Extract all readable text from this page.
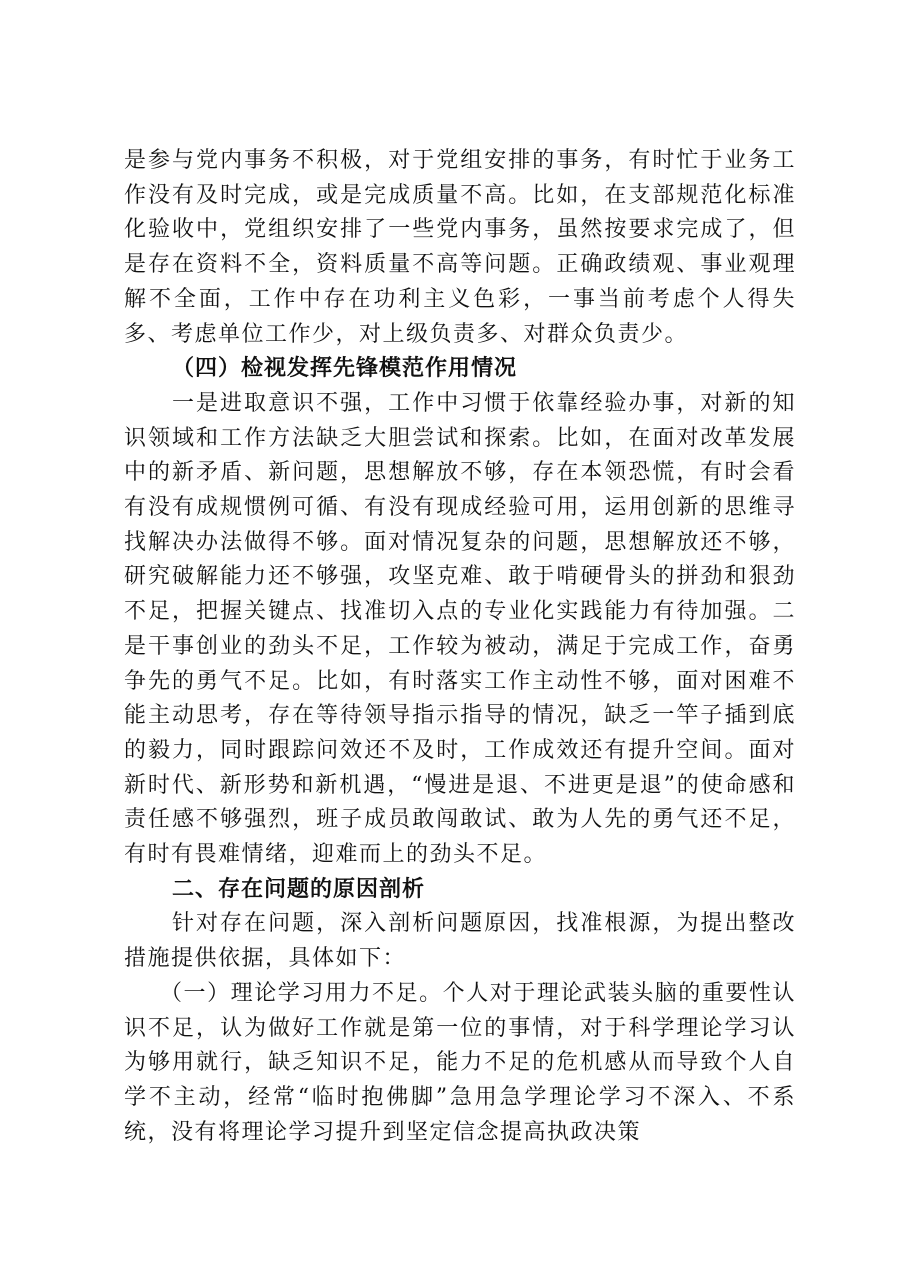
是参与党内事务不积极，对于党组安排的事务，有时忙于业务工作没有及时完成，或是完成质量不高。比如，在支部规范化标准化验收中，党组织安排了一些党内事务，虽然按要求完成了，但是存在资料不全，资料质量不高等问题。正确政绩观、事业观理解不全面，工作中存在功利主义色彩，一事当前考虑个人得失多、考虑单位工作少，对上级负责多、对群众负责少。

（四）检视发挥先锋模范作用情况

一是进取意识不强，工作中习惯于依靠经验办事，对新的知识领域和工作方法缺乏大胆尝试和探索。比如，在面对改革发展中的新矛盾、新问题，思想解放不够，存在本领恐慌，有时会看有没有成规惯例可循、有没有现成经验可用，运用创新的思维寻找解决办法做得不够。面对情况复杂的问题，思想解放还不够，研究破解能力还不够强，攻坚克难、敢于啃硬骨头的拼劲和狠劲不足，把握关键点、找准切入点的专业化实践能力有待加强。二是干事创业的劲头不足，工作较为被动，满足于完成工作，奋勇争先的勇气不足。比如，有时落实工作主动性不够，面对困难不能主动思考，存在等待领导指示指导的情况，缺乏一竿子插到底的毅力，同时跟踪问效还不及时，工作成效还有提升空间。面对新时代、新形势和新机遇，“慢进是退、不进更是退”的使命感和责任感不够强烈，班子成员敢闯敢试、敢为人先的勇气还不足，有时有畏难情绪，迎难而上的劲头不足。

二、存在问题的原因剖析

针对存在问题，深入剖析问题原因，找准根源，为提出整改措施提供依据，具体如下：

（一）理论学习用力不足。个人对于理论武装头脑的重要性认识不足，认为做好工作就是第一位的事情，对于科学理论学习认为够用就行，缺乏知识不足，能力不足的危机感从而导致个人自学不主动，经常“临时抱佛脚”急用急学理论学习不深入、不系统，没有将理论学习提升到坚定信念提高执政决策
